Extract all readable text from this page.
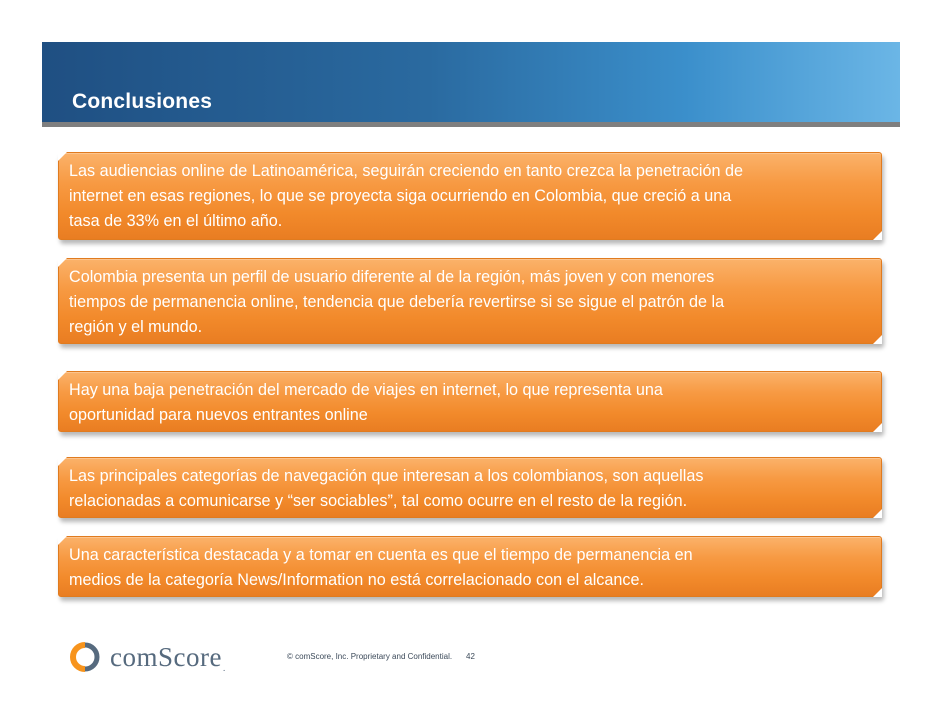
Conclusiones

Las audiencias online de Latinoamérica, seguirán creciendo en tanto crezca la penetración de

internet en esas regiones, lo que se proyecta siga ocurriendo en Colombia, que creció a una

tasa de 33% en el último año.

Colombia presenta un perfil de usuario diferente al de la región, más joven y con menores

tiempos de permanencia online, tendencia que debería revertirse si se sigue el patrón de la

región y el mundo.

Hay una baja penetración del mercado de viajes en internet, lo que representa una

oportunidad para nuevos entrantes online

Las principales categorías de navegación que interesan a los colombianos, son aquellas

relacionadas a comunicarse y “ser sociables”, tal como ocurre en el resto de la región.

Una característica destacada y a tomar en cuenta es que el tiempo de permanencia en

medios de la categoría News/Information no está correlacionado con el alcance.

comScore.
© comScore, Inc. Proprietary and Confidential. 42
